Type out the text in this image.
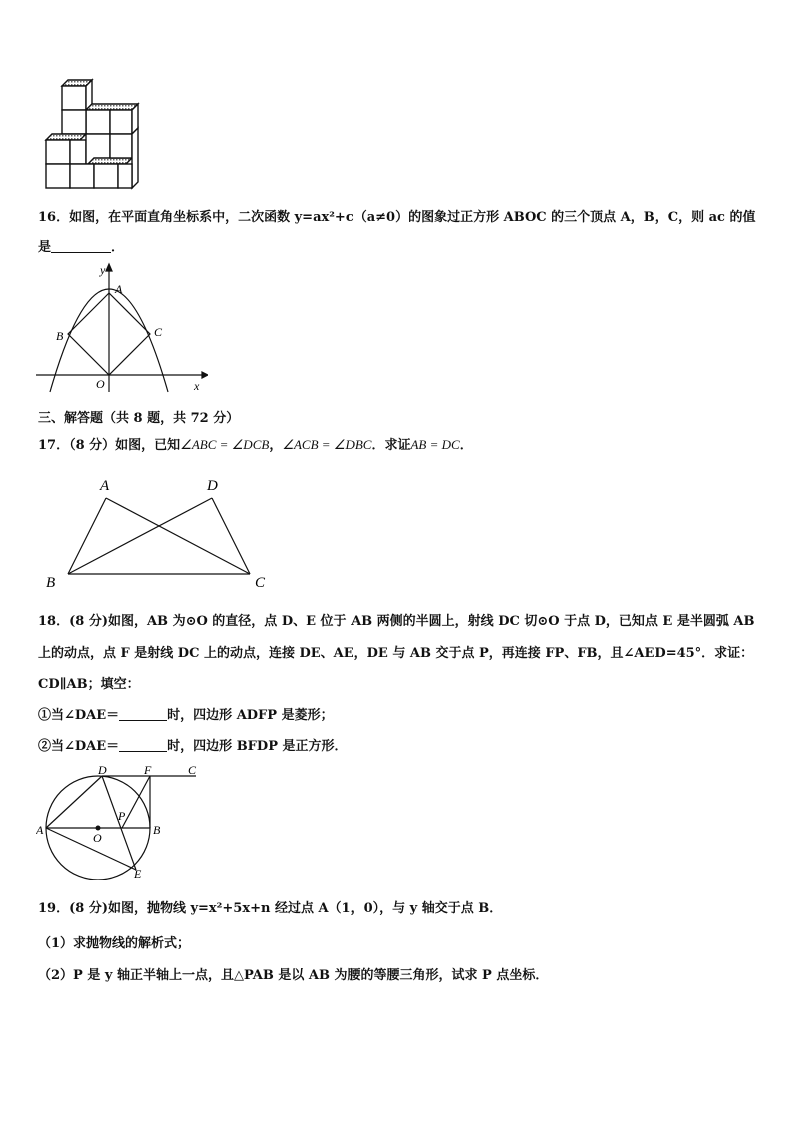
16．如图，在平面直角坐标系中，二次函数 y=ax²+c（a≠0）的图象过正方形 ABOC 的三个顶点 A，B，C，则 ac 的值
是	．
y
x
A
B	C
O
三、解答题（共 8 题，共 72 分）
17．（8 分）如图，已知∠ABC = ∠DCB，∠ACB = ∠DBC．求证AB = DC．
A	D
B	C
18．(8 分)如图，AB 为⊙O 的直径，点 D、E 位于 AB 两侧的半圆上，射线 DC 切⊙O 于点 D，已知点 E 是半圆弧 AB
上的动点，点 F 是射线 DC 上的动点，连接 DE、AE，DE 与 AB 交于点 P，再连接 FP、FB，且∠AED=45°．求证：
CD∥AB；填空：
①当∠DAE＝	时，四边形 ADFP 是菱形；
②当∠DAE＝	时，四边形 BFDP 是正方形．
D	F	C
A
P
O
B
E
19．(8 分)如图，抛物线 y=x²+5x+n 经过点 A（1，0），与 y 轴交于点 B．
（1）求抛物线的解析式；
（2）P 是 y 轴正半轴上一点，且△PAB 是以 AB 为腰的等腰三角形，试求 P 点坐标．
